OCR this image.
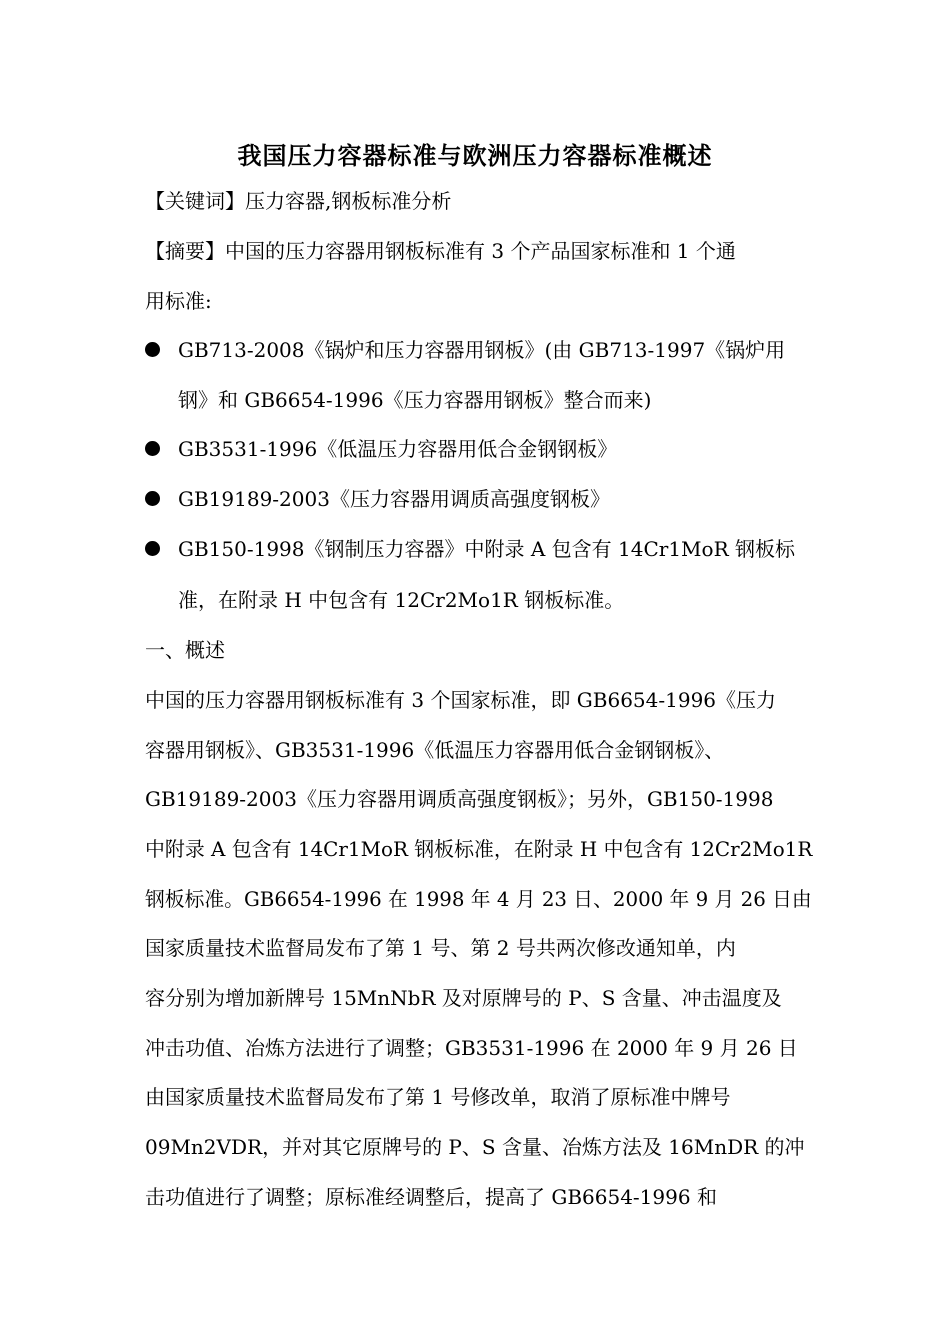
我国压力容器标准与欧洲压力容器标准概述
【关键词】压力容器,钢板标准分析
【摘要】中国的压力容器用钢板标准有 3 个产品国家标准和 1 个通
用标准:
GB713-2008《锅炉和压力容器用钢板》(由 GB713-1997《锅炉用
钢》和 GB6654-1996《压力容器用钢板》整合而来)
GB3531-1996《低温压力容器用低合金钢钢板》
GB19189-2003《压力容器用调质高强度钢板》
GB150-1998《钢制压力容器》中附录 A 包含有 14Cr1MoR 钢板标
准，在附录 H 中包含有 12Cr2Mo1R 钢板标准。
一、概述
中国的压力容器用钢板标准有 3 个国家标准，即 GB6654-1996《压力
容器用钢板》、GB3531-1996《低温压力容器用低合金钢钢板》、
GB19189-2003《压力容器用调质高强度钢板》；另外，GB150-1998
中附录 A 包含有 14Cr1MoR 钢板标准，在附录 H 中包含有 12Cr2Mo1R
钢板标准。GB6654-1996 在 1998 年 4 月 23 日、2000 年 9 月 26 日由
国家质量技术监督局发布了第 1 号、第 2 号共两次修改通知单，内
容分别为增加新牌号 15MnNbR 及对原牌号的 P、S 含量、冲击温度及
冲击功值、冶炼方法进行了调整；GB3531-1996 在 2000 年 9 月 26 日
由国家质量技术监督局发布了第 1 号修改单，取消了原标准中牌号
09Mn2VDR，并对其它原牌号的 P、S 含量、冶炼方法及 16MnDR 的冲
击功值进行了调整；原标准经调整后，提高了 GB6654-1996 和
